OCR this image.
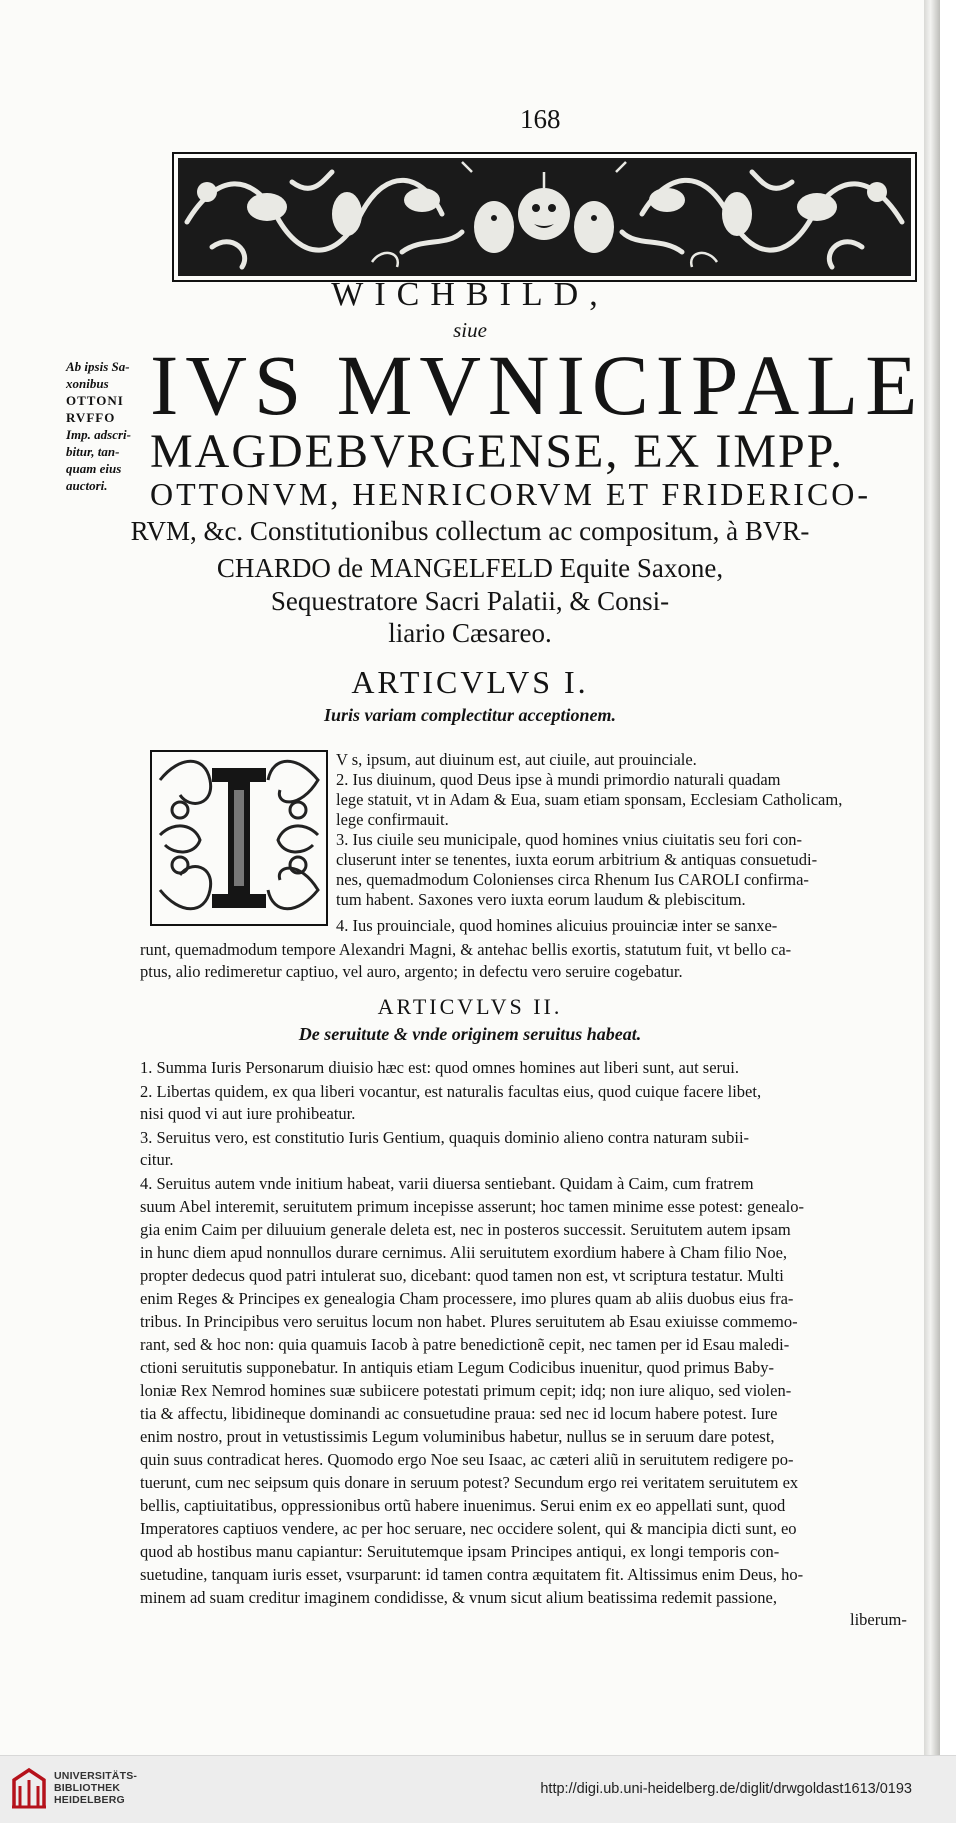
168
WICHBILD,
siue
IVS MVNICIPALE
MAGDEBVRGENSE, EX IMPP.
OTTONVM, HENRICORVM ET FRIDERICO-
RVM, &c. Constitutionibus collectum ac compositum, à BVR-
CHARDO de MANGELFELD Equite Saxone,
Sequestratore Sacri Palatii, & Consi-
liario Cæsareo.
Ab ipsis Sa-
xonibus
OTTONI
RVFFO
Imp. adscri-
bitur, tan-
quam eius
auctori.
ARTICVLVS I.
Iuris variam complectitur acceptionem.
V s, ipsum, aut diuinum est, aut ciuile, aut prouinciale.
2. Ius diuinum, quod Deus ipse à mundi primordio naturali quadam
lege statuit, vt in Adam & Eua, suam etiam sponsam, Ecclesiam Catholicam,
lege confirmauit.
3. Ius ciuile seu municipale, quod homines vnius ciuitatis seu fori con-
cluserunt inter se tenentes, iuxta eorum arbitrium & antiquas consuetudi-
nes, quemadmodum Colonienses circa Rhenum Ius CAROLI confirma-
tum habent. Saxones vero iuxta eorum laudum & plebiscitum.
4. Ius prouinciale, quod homines alicuius prouinciæ inter se sanxe-
runt, quemadmodum tempore Alexandri Magni, & antehac bellis exortis, statutum fuit, vt bello ca-
ptus, alio redimeretur captiuo, vel auro, argento; in defectu vero seruire cogebatur.
ARTICVLVS II.
De seruitute & vnde originem seruitus habeat.
1. Summa Iuris Personarum diuisio hæc est: quod omnes homines aut liberi sunt, aut serui.
2. Libertas quidem, ex qua liberi vocantur, est naturalis facultas eius, quod cuique facere libet,
nisi quod vi aut iure prohibeatur.
3. Seruitus vero, est constitutio Iuris Gentium, quaquis dominio alieno contra naturam subii-
citur.
4. Seruitus autem vnde initium habeat, varii diuersa sentiebant. Quidam à Caim, cum fratrem
suum Abel interemit, seruitutem primum incepisse asserunt; hoc tamen minime esse potest: genealo-
gia enim Caim per diluuium generale deleta est, nec in posteros successit. Seruitutem autem ipsam
in hunc diem apud nonnullos durare cernimus. Alii seruitutem exordium habere à Cham filio Noe,
propter dedecus quod patri intulerat suo, dicebant: quod tamen non est, vt scriptura testatur. Multi
enim Reges & Principes ex genealogia Cham processere, imo plures quam ab aliis duobus eius fra-
tribus. In Principibus vero seruitus locum non habet. Plures seruitutem ab Esau exiuisse commemo-
rant, sed & hoc non: quia quamuis Iacob à patre benedictionẽ cepit, nec tamen per id Esau maledi-
ctioni seruitutis supponebatur. In antiquis etiam Legum Codicibus inuenitur, quod primus Baby-
loniæ Rex Nemrod homines suæ subiicere potestati primum cepit; idq; non iure aliquo, sed violen-
tia & affectu, libidineque dominandi ac consuetudine praua: sed nec id locum habere potest. Iure
enim nostro, prout in vetustissimis Legum voluminibus habetur, nullus se in seruum dare potest,
quin suus contradicat heres. Quomodo ergo Noe seu Isaac, ac cæteri aliũ in seruitutem redigere po-
tuerunt, cum nec seipsum quis donare in seruum potest? Secundum ergo rei veritatem seruitutem ex
bellis, captiuitatibus, oppressionibus ortũ habere inuenimus. Serui enim ex eo appellati sunt, quod
Imperatores captiuos vendere, ac per hoc seruare, nec occidere solent, qui & mancipia dicti sunt, eo
quod ab hostibus manu capiantur: Seruitutemque ipsam Principes antiqui, ex longi temporis con-
suetudine, tanquam iuris esset, vsurparunt: id tamen contra æquitatem fit. Altissimus enim Deus, ho-
minem ad suam creditur imaginem condidisse, & vnum sicut alium beatissima redemit passione,
liberum-
UNIVERSITÄTS-
BIBLIOTHEK
HEIDELBERG
http://digi.ub.uni-heidelberg.de/diglit/drwgoldast1613/0193
